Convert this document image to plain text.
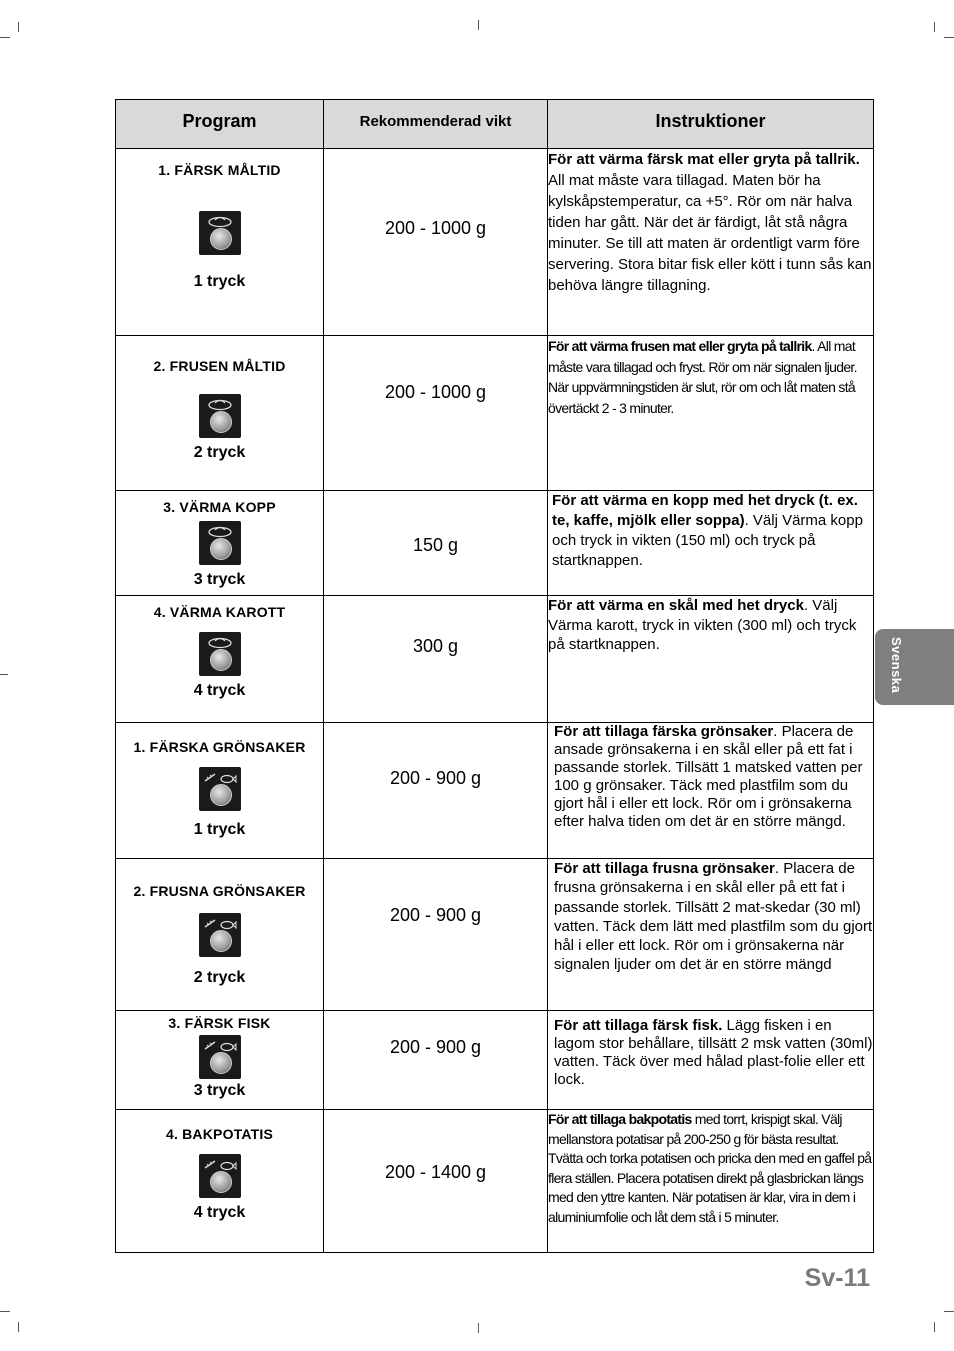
Program	Rekommenderad vikt	Instruktioner

1. FÄRSK MÅLTID
1 tryck	200 - 1000 g	För att värma färsk mat eller gryta på tallrik. All mat måste vara tillagad. Maten bör ha kylskåpstemperatur, ca +5°. Rör om när halva tiden har gått. När det är färdigt, låt stå några minuter. Se till att maten är ordentligt varm före servering. Stora bitar fisk eller kött i tunn sås kan behöva längre tillagning.

2. FRUSEN MÅLTID
2 tryck	200 - 1000 g	För att värma frusen mat eller gryta på tallrik. All mat måste vara tillagad och fryst. Rör om när signalen ljuder. När uppvärmningstiden är slut, rör om och låt maten stå övertäckt 2 - 3 minuter.

3. VÄRMA KOPP
3 tryck	150 g	För att värma en kopp med het dryck (t. ex. te, kaffe, mjölk eller soppa). Välj Värma kopp och tryck in vikten (150 ml) och tryck på startknappen.

4. VÄRMA KAROTT
4 tryck	300 g	För att värma en skål med het dryck. Välj Värma karott, tryck in vikten (300 ml) och tryck på startknappen.

1. FÄRSKA GRÖNSAKER
1 tryck	200 - 900 g	För att tillaga färska grönsaker. Placera de ansade grönsakerna i en skål eller på ett fat i passande storlek. Tillsätt 1 matsked vatten per 100 g grönsaker. Täck med plastfilm som du gjort hål i eller ett lock. Rör om i grönsakerna efter halva tiden om det är en större mängd.

2. FRUSNA GRÖNSAKER
2 tryck	200 - 900 g	För att tillaga frusna grönsaker. Placera de frusna grönsakerna i en skål eller på ett fat i passande storlek. Tillsätt 2 mat-skedar (30 ml) vatten. Täck dem lätt med plastfilm som du gjort hål i eller ett lock. Rör om i grönsakerna när signalen ljuder om det är en större mängd

3. FÄRSK FISK
3 tryck	200 - 900 g	För att tillaga färsk fisk. Lägg fisken i en lagom stor behållare, tillsätt 2 msk vatten (30ml) vatten. Täck över med hålad plast-folie eller ett lock.

4. BAKPOTATIS
4 tryck	200 - 1400 g	För att tillaga bakpotatis med torrt, krispigt skal. Välj mellanstora potatisar på 200-250 g för bästa resultat. Tvätta och torka potatisen och pricka den med en gaffel på flera ställen. Placera potatisen direkt på glasbrickan längs med den yttre kanten. När potatisen är klar, vira in dem i aluminiumfolie och låt dem stå i 5 minuter.
Svenska
Sv-11
